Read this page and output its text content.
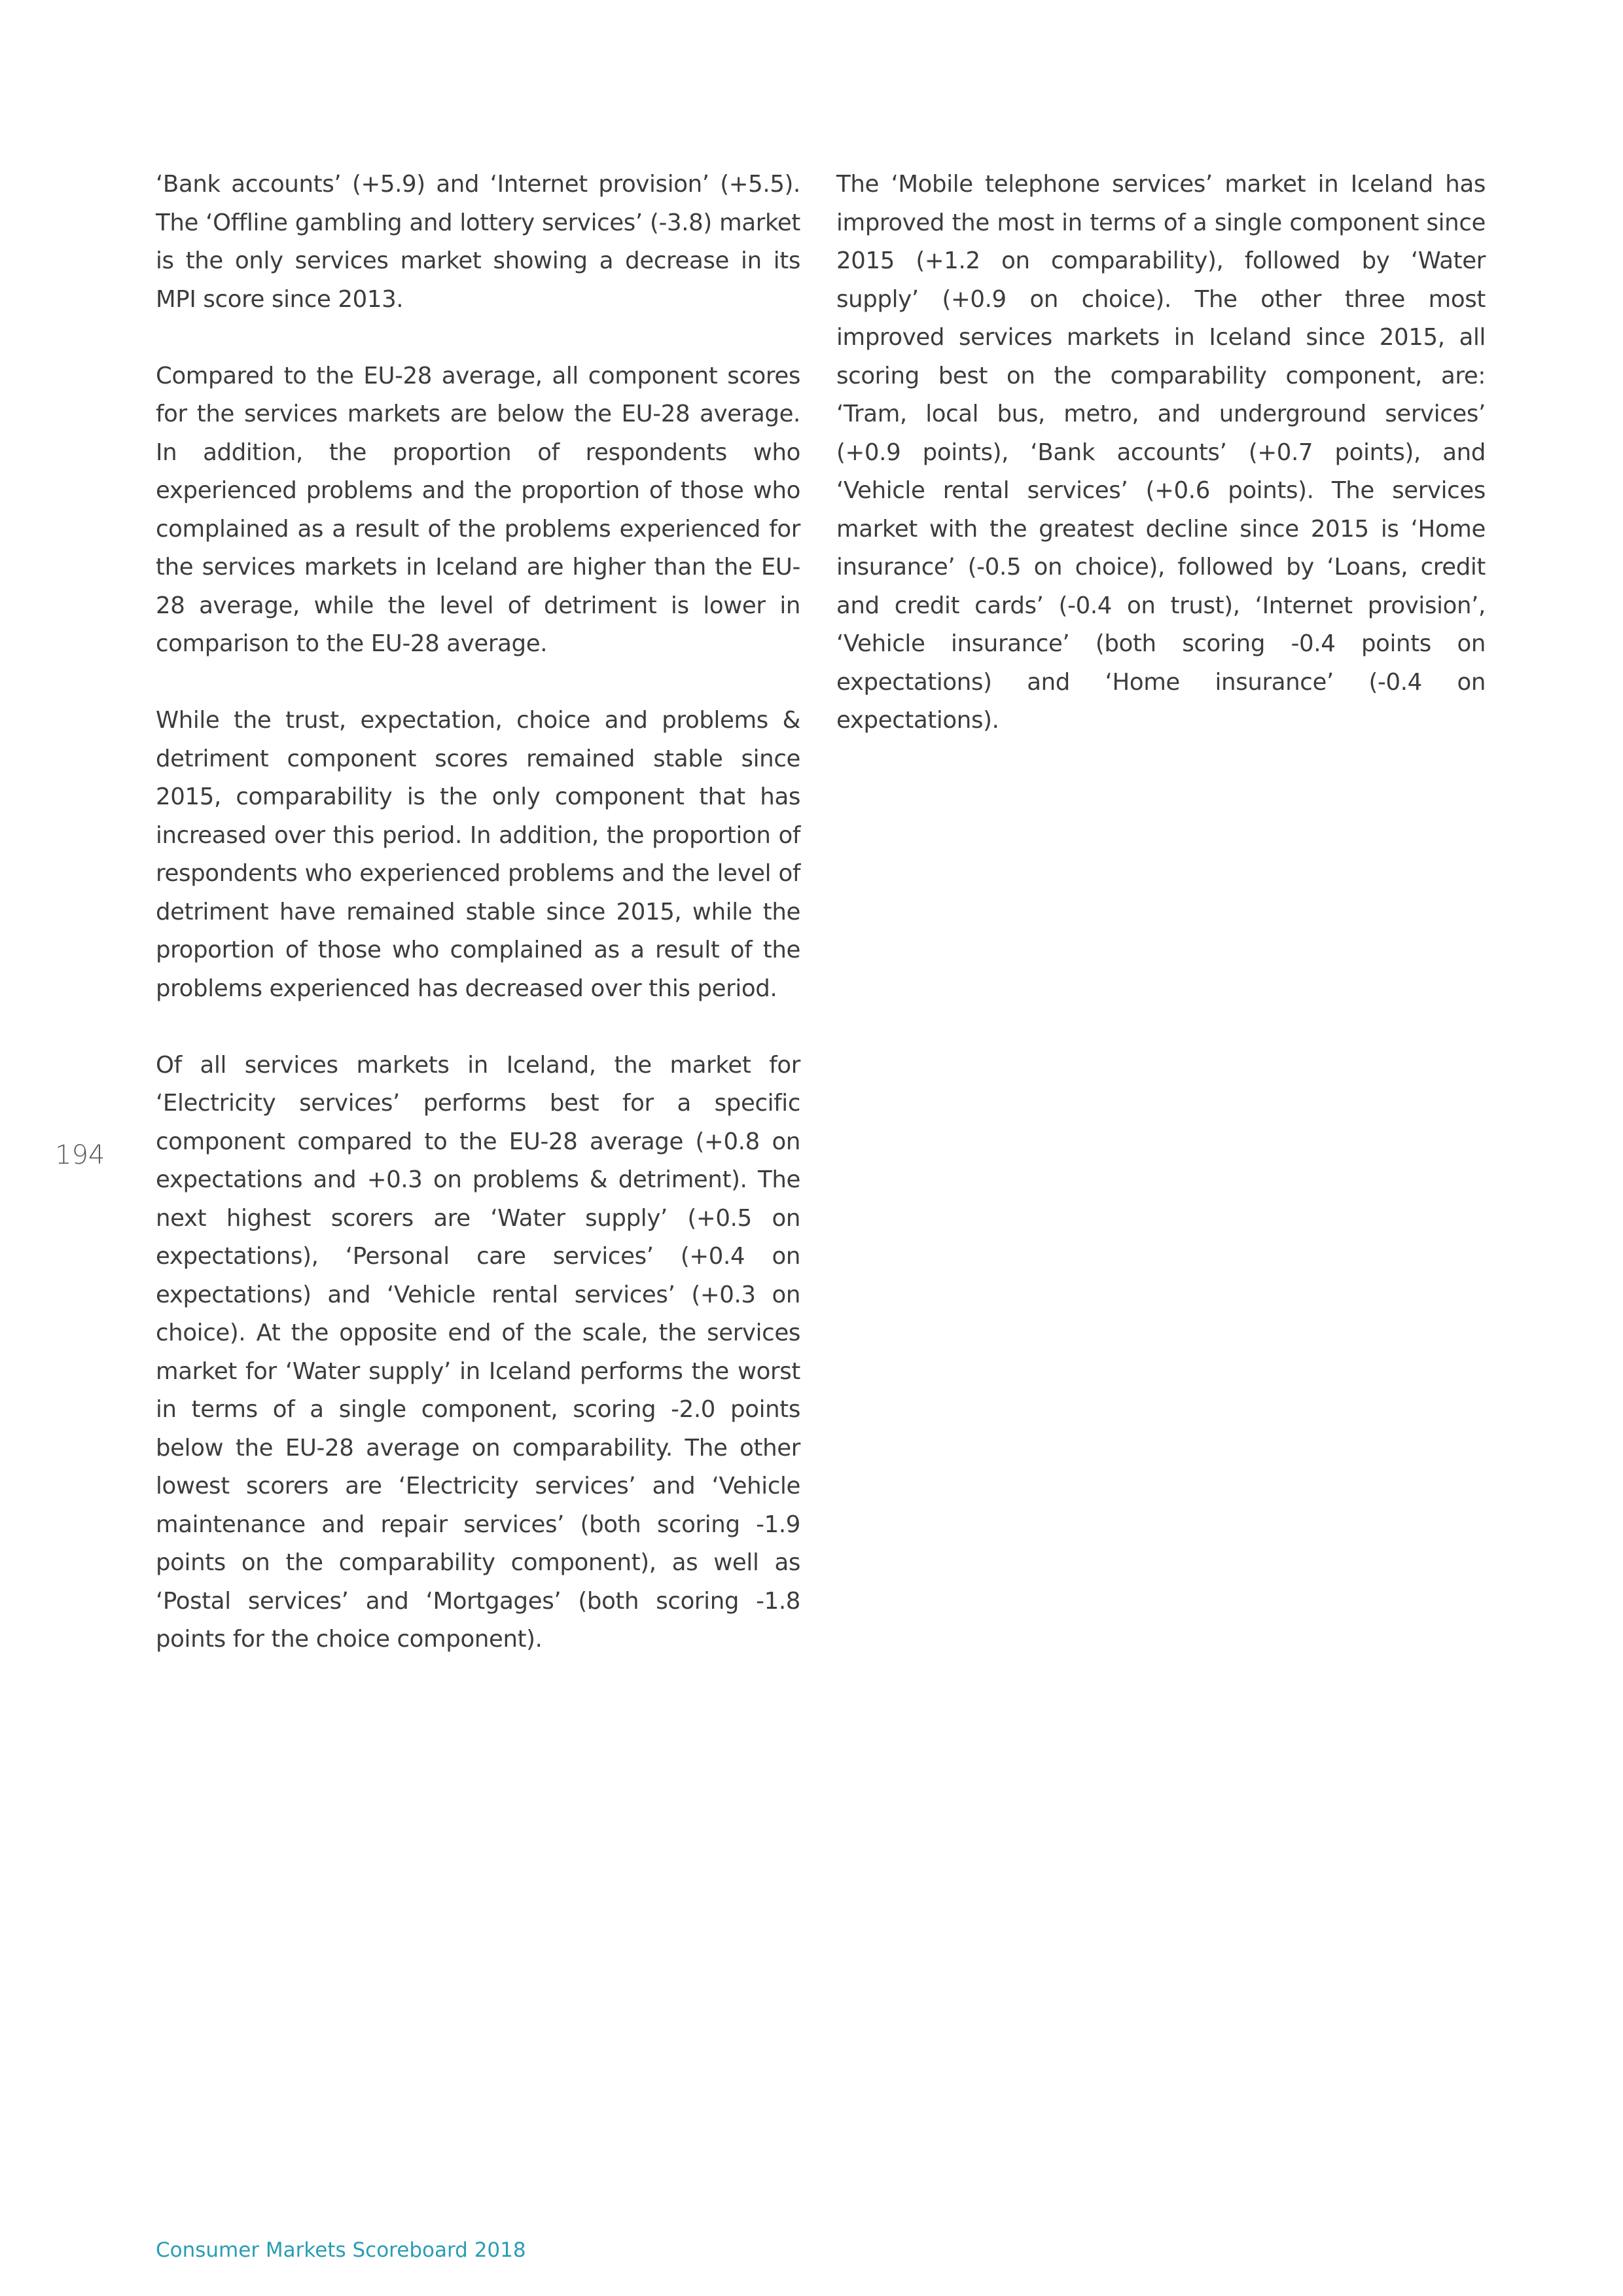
‘Bank accounts’ (+5.9) and ‘Internet provision’ (+5.5). The ‘Offline gambling and lottery services’ (-3.8) market is the only services market showing a decrease in its MPI score since 2013.

Compared to the EU-28 average, all component scores for the services markets are below the EU-28 average. In addition, the proportion of respondents who experienced problems and the proportion of those who complained as a result of the problems experienced for the services markets in Iceland are higher than the EU-28 average, while the level of detriment is lower in comparison to the EU-28 average.

While the trust, expectation, choice and problems & detriment component scores remained stable since 2015, comparability is the only component that has increased over this period. In addition, the proportion of respondents who experienced problems and the level of detriment have remained stable since 2015, while the proportion of those who complained as a result of the problems experienced has decreased over this period.

Of all services markets in Iceland, the market for ‘Electricity services’ performs best for a specific component compared to the EU-28 average (+0.8 on expectations and +0.3 on problems & detriment). The next highest scorers are ‘Water supply’ (+0.5 on expectations), ‘Personal care services’ (+0.4 on expectations) and ‘Vehicle rental services’ (+0.3 on choice). At the opposite end of the scale, the services market for ‘Water supply’ in Iceland performs the worst in terms of a single component, scoring -2.0 points below the EU-28 average on comparability. The other lowest scorers are ‘Electricity services’ and ‘Vehicle maintenance and repair services’ (both scoring -1.9 points on the comparability component), as well as ‘Postal services’ and ‘Mortgages’ (both scoring -1.8 points for the choice component).

The ‘Mobile telephone services’ market in Iceland has improved the most in terms of a single component since 2015 (+1.2 on comparability), followed by ‘Water supply’ (+0.9 on choice). The other three most improved services markets in Iceland since 2015, all scoring best on the comparability component, are: ‘Tram, local bus, metro, and underground services’ (+0.9 points), ‘Bank accounts’ (+0.7 points), and ‘Vehicle rental services’ (+0.6 points). The services market with the greatest decline since 2015 is ‘Home insurance’ (-0.5 on choice), followed by ‘Loans, credit and credit cards’ (-0.4 on trust), ‘Internet provision’, ‘Vehicle insurance’ (both scoring -0.4 points on expectations) and ‘Home insurance’ (-0.4 on expectations).

194
Consumer Markets Scoreboard 2018
